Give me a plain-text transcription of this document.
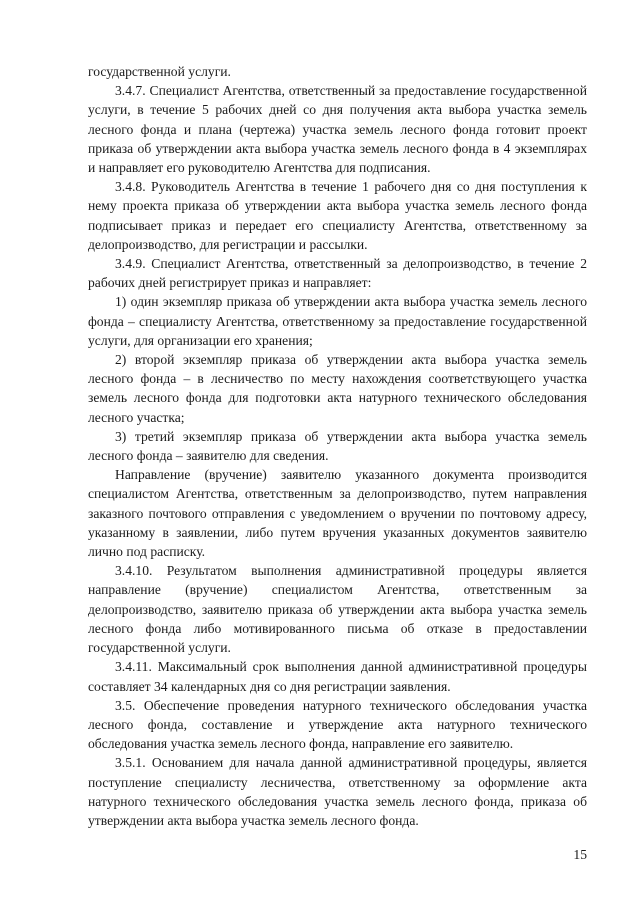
государственной услуги.

3.4.7. Специалист Агентства, ответственный за предоставление государственной услуги, в течение 5 рабочих дней со дня получения акта выбора участка земель лесного фонда и плана (чертежа) участка земель лесного фонда готовит проект приказа об утверждении акта выбора участка земель лесного фонда в 4 экземплярах и направляет его руководителю Агентства для подписания.

3.4.8. Руководитель Агентства в течение 1 рабочего дня со дня поступления к нему проекта приказа об утверждении акта выбора участка земель лесного фонда подписывает приказ и передает его специалисту Агентства, ответственному за делопроизводство, для регистрации и рассылки.

3.4.9. Специалист Агентства, ответственный за делопроизводство, в течение 2 рабочих дней регистрирует приказ и направляет:

1) один экземпляр приказа об утверждении акта выбора участка земель лесного фонда – специалисту Агентства, ответственному за предоставление государственной услуги, для организации его хранения;

2) второй экземпляр приказа об утверждении акта выбора участка земель лесного фонда – в лесничество по месту нахождения соответствующего участка земель лесного фонда для подготовки акта натурного технического обследования лесного участка;

3) третий экземпляр приказа об утверждении акта выбора участка земель лесного фонда – заявителю для сведения.

Направление (вручение) заявителю указанного документа производится специалистом Агентства, ответственным за делопроизводство, путем направления заказного почтового отправления с уведомлением о вручении по почтовому адресу, указанному в заявлении, либо путем вручения указанных документов заявителю лично под расписку.

3.4.10. Результатом выполнения административной процедуры является направление (вручение) специалистом Агентства, ответственным за делопроизводство, заявителю приказа об утверждении акта выбора участка земель лесного фонда либо мотивированного письма об отказе в предоставлении государственной услуги.

3.4.11. Максимальный срок выполнения данной административной процедуры составляет 34 календарных дня со дня регистрации заявления.

3.5. Обеспечение проведения натурного технического обследования участка лесного фонда, составление и утверждение акта натурного технического обследования участка земель лесного фонда, направление его заявителю.

3.5.1. Основанием для начала данной административной процедуры, является поступление специалисту лесничества, ответственному за оформление акта натурного технического обследования участка земель лесного фонда, приказа об утверждении акта выбора участка земель лесного фонда.

15
